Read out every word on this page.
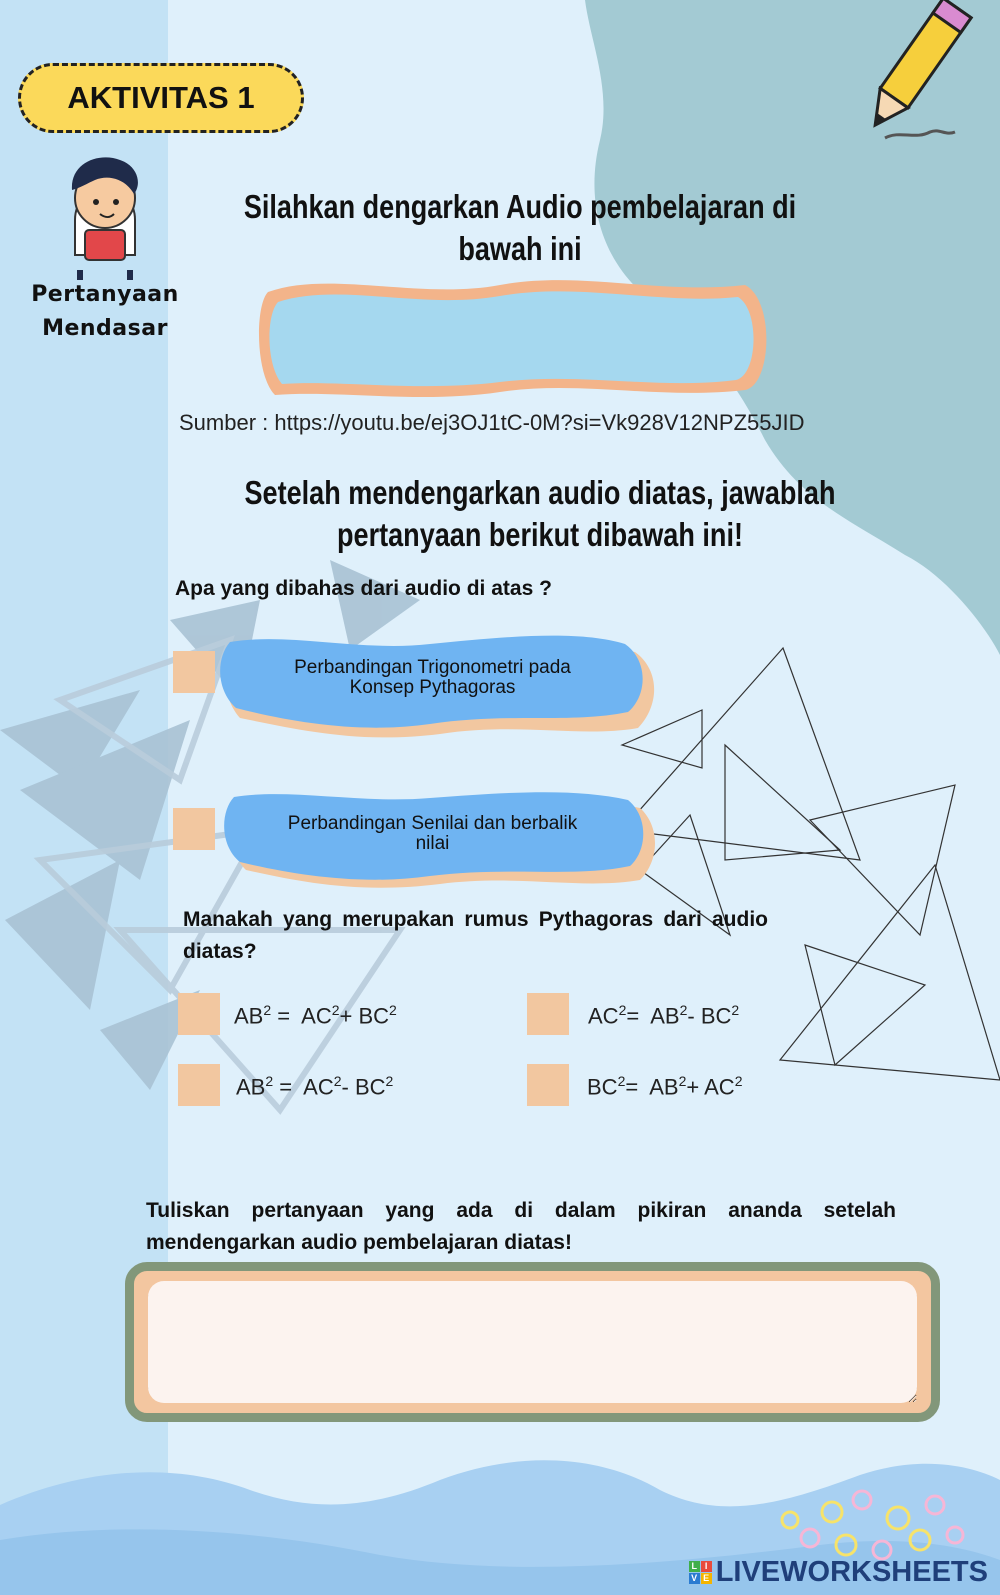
AKTIVITAS 1
Pertanyaan
Mendasar
Silahkan dengarkan Audio pembelajaran di
bawah ini
Sumber : https://youtu.be/ej3OJ1tC-0M?si=Vk928V12NPZ55JID
Setelah mendengarkan audio diatas, jawablah
pertanyaan berikut dibawah ini!
Apa yang dibahas dari audio di atas ?
Perbandingan Trigonometri pada
Konsep Pythagoras
Perbandingan Senilai dan berbalik
nilai
Manakah yang merupakan rumus Pythagoras dari audio diatas?
$AB^2 = AC^2+ BC^2$	$AC^2= AB^2-$ $BC^2$
$AB^2 = AC^2-$ $BC^2$	$BC^2= AB^2+ AC^2$
Tuliskan pertanyaan yang ada di dalam pikiran ananda setelah mendengarkan audio pembelajaran diatas!
L I
V E LIVEWORKSHEETS
